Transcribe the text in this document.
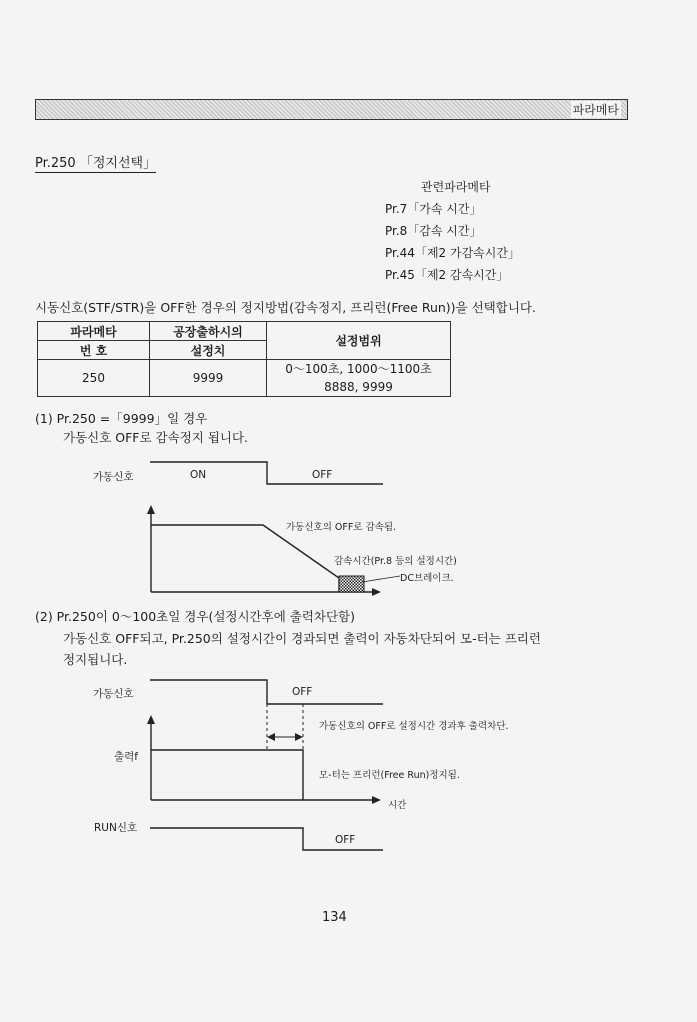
파라메타
Pr.250 「정지선택」
관련파라메타
Pr.7「가속 시간」
Pr.8「감속 시간」
Pr.44「제2 가감속시간」
Pr.45「제2 감속시간」
시동신호(STF/STR)을 OFF한 경우의 정지방법(감속정지, 프리런(Free Run))을 선택합니다.
파라메타	공장출하시의	설정범위
번 호	설정치	
250	9999	0～100초, 1000～1100초
8888, 9999
(1) Pr.250 =「9999」일 경우
가동신호 OFF로 감속정지 됩니다.
가동신호	ON	OFF
가동신호의 OFF로 감속됨.
감속시간(Pr.8 등의 설정시간)
DC브레이크.
(2) Pr.250이 0～100초일 경우(설정시간후에 출력차단함)
가동신호 OFF되고, Pr.250의 설정시간이 경과되면 출력이 자동차단되어 모-터는 프리런
정지됩니다.
가동신호	OFF
가동신호의 OFF로 설정시간 경과후 출력차단.
출력f
모-터는 프리런(Free Run)정지됨.
시간
RUN신호
OFF
134
